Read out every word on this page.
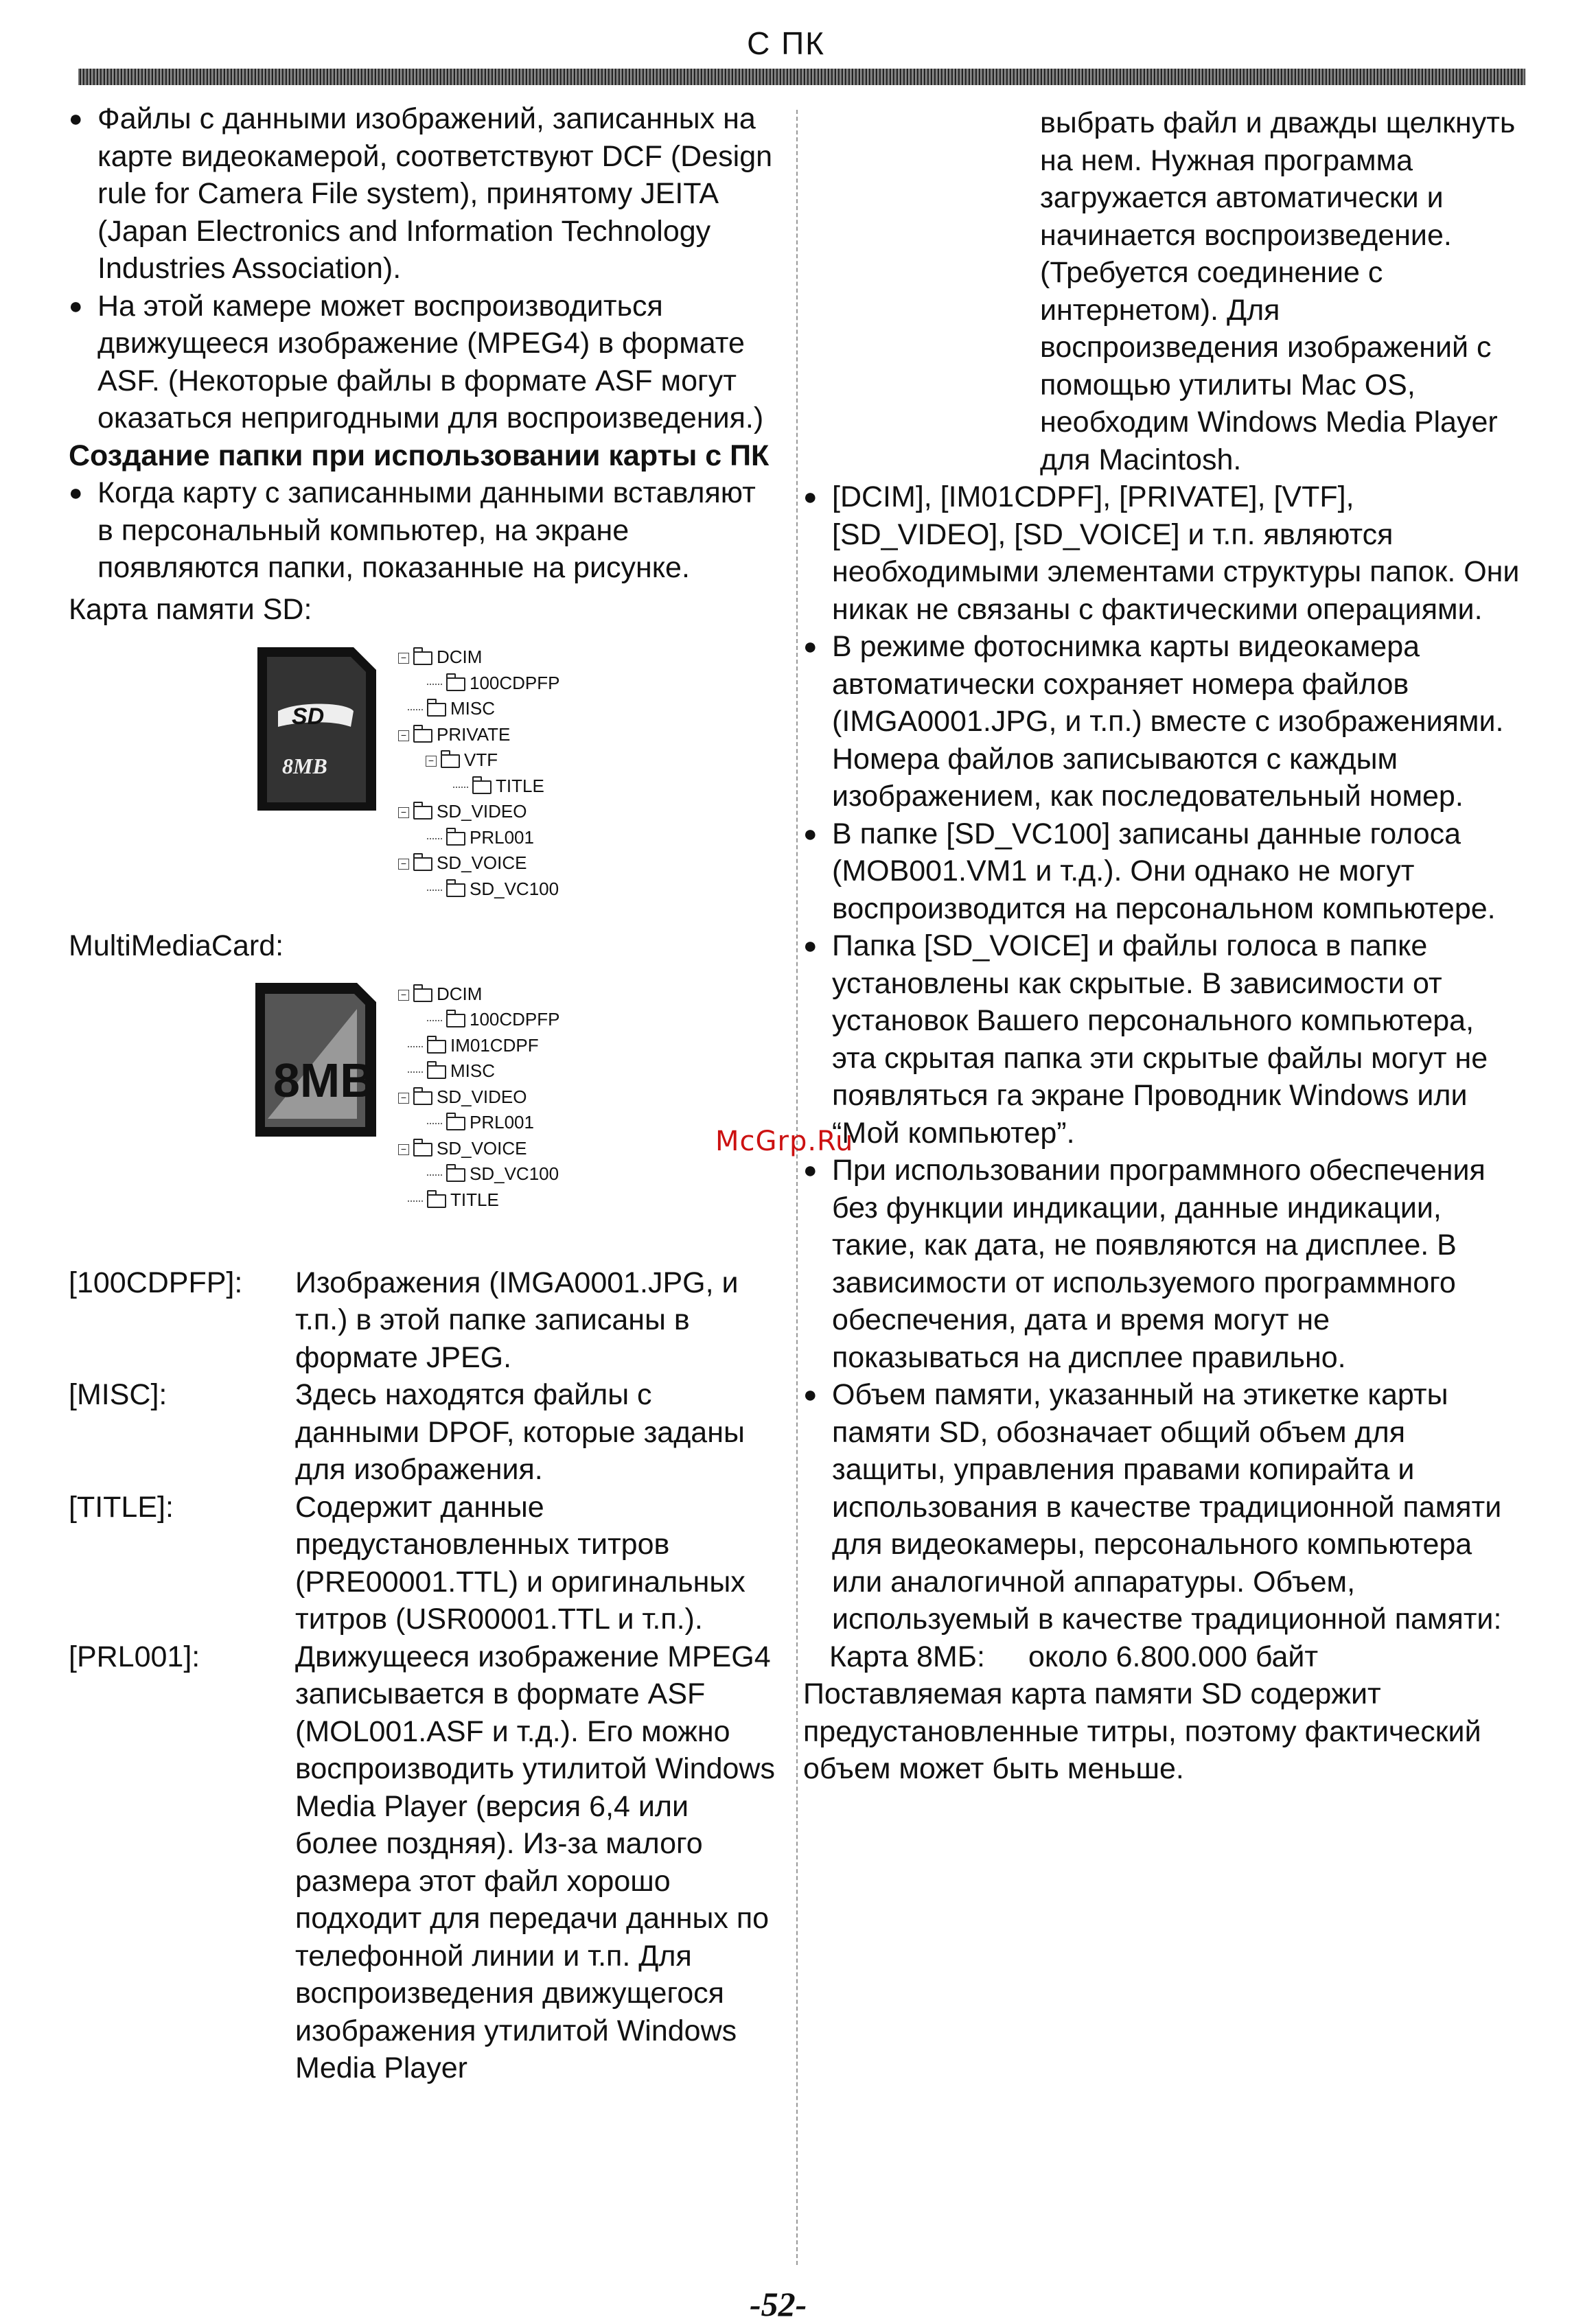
С ПК
● Файлы с данными изображений, записанных на карте видеокамерой, соответствуют DCF (Design rule for Camera File system), принятому JEITA (Japan Electronics and Information Technology Industries Association).
● На этой камере может воспроизводиться движущееся изображение (MPEG4) в формате ASF. (Некоторые файлы в формате ASF могут оказаться непригодными для воспроизведения.)

Создание папки при использовании карты с ПК

● Когда карту с записанными данными вставляют в персональный компьютер, на экране появляются папки, показанные на рисунке.

Карта памяти SD:

SD
8MB
− DCIM
100CDPFP
MISC
− PRIVATE
− VTF
TITLE
− SD_VIDEO
PRL001
− SD_VOICE
SD_VC100

MultiMediaCard:

8MB
− DCIM
100CDPFP
IM01CDPF
MISC
− SD_VIDEO
PRL001
− SD_VOICE
SD_VC100
TITLE
[100CDPFP]:	Изображения (IMGA0001.JPG, и т.п.) в этой папке записаны в формате JPEG.
[MISC]:	Здесь находятся файлы с данными DPOF, которые заданы для изображения.
[TITLE]:	Содержит данные предустановленных титров (PRE00001.TTL) и оригинальных титров (USR00001.TTL и т.п.).
[PRL001]:	Движущееся изображение MPEG4 записывается в формате ASF (MOL001.ASF и т.д.). Его можно воспроизводить утилитой Windows Media Player (версия 6,4 или более поздняя). Из-за малого размера этот файл хорошо подходит для передачи данных по телефонной линии и т.п. Для воспроизведения движущегося изображения утилитой Windows Media Player

выбрать файл и дважды щелкнуть на нем. Нужная программа загружается автоматически и начинается воспроизведение. (Требуется соединение с интернетом). Для воспроизведения изображений с помощью утилиты Mac OS, необходим Windows Media Player для Macintosh.

● [DCIM], [IM01CDPF], [PRIVATE], [VTF], [SD_VIDEO], [SD_VOICE] и т.п. являются необходимыми элементами структуры папок. Они никак не связаны с фактическими операциями.
● В режиме фотоснимка карты видеокамера автоматически сохраняет номера файлов (IMGA0001.JPG, и т.п.) вместе с изображениями. Номера файлов записываются с каждым изображением, как последовательный номер.
● В папке [SD_VC100] записаны данные голоса (MOB001.VM1 и т.д.). Они однако не могут воспроизводится на персональном компьютере.
● Папка [SD_VOICE] и файлы голоса в папке установлены как скрытые. В зависимости от установок Вашего персонального компьютера, эта скрытая папка эти скрытые файлы могут не появляться га экране Проводник Windows или “Мой компьютер”.
● При использовании программного обеспечения без функции индикации, данные индикации, такие, как дата, не появляются на дисплее. В зависимости от используемого программного обеспечения, дата и время могут не показываться на дисплее правильно.
● Объем памяти, указанный на этикетке карты памяти SD, обозначает общий объем для защиты, управления правами копирайта и использования в качестве традиционной памяти для видеокамеры, персонального компьютера или аналогичной аппаратуры. Объем, используемый в качестве традиционной памяти:
Карта 8МБ:	около 6.800.000 байт

Поставляемая карта памяти SD содержит предустановленные титры, поэтому фактический объем может быть меньше.

McGrp.Ru
-52-
